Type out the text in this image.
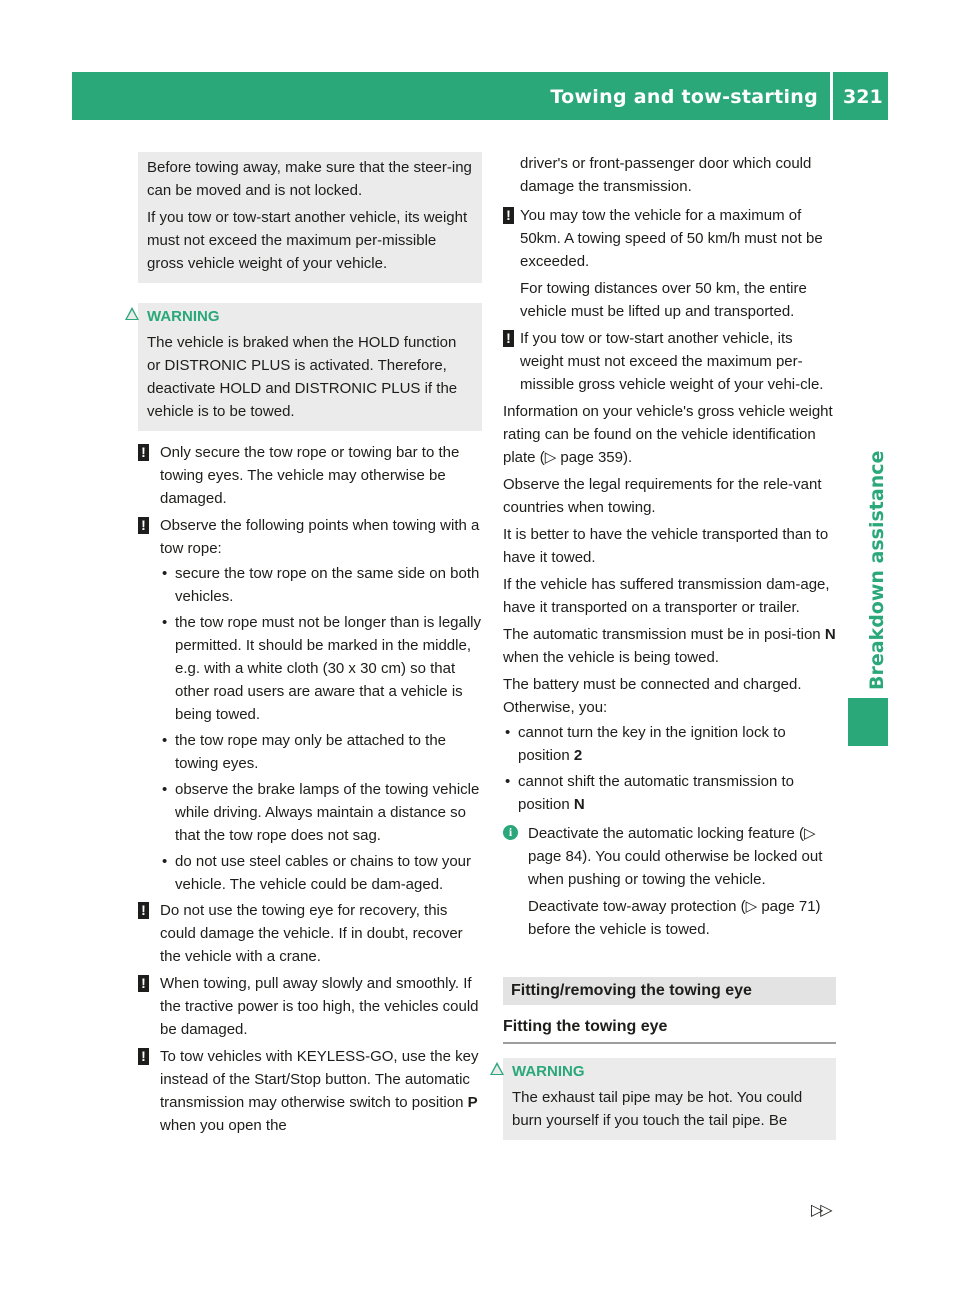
Towing and tow-starting 321
Breakdown assistance

Before towing away, make sure that the steer-ing can be moved and is not locked.

If you tow or tow-start another vehicle, its weight must not exceed the maximum per-missible gross vehicle weight of your vehicle.

WARNING

The vehicle is braked when the HOLD function or DISTRONIC PLUS is activated. Therefore, deactivate HOLD and DISTRONIC PLUS if the vehicle is to be towed.

! Only secure the tow rope or towing bar to the towing eyes. The vehicle may otherwise be damaged.
! Observe the following points when towing with a tow rope:

• secure the tow rope on the same side on both vehicles.

• the tow rope must not be longer than is legally permitted. It should be marked in the middle, e.g. with a white cloth (30 x 30 cm) so that other road users are aware that a vehicle is being towed.

• the tow rope may only be attached to the towing eyes.

• observe the brake lamps of the towing vehicle while driving. Always maintain a distance so that the tow rope does not sag.

• do not use steel cables or chains to tow your vehicle. The vehicle could be dam-aged.

! Do not use the towing eye for recovery, this could damage the vehicle. If in doubt, recover the vehicle with a crane.
! When towing, pull away slowly and smoothly. If the tractive power is too high, the vehicles could be damaged.
! To tow vehicles with KEYLESS-GO, use the key instead of the Start/Stop button. The automatic transmission may otherwise switch to position P when you open the

driver's or front-passenger door which could damage the transmission.

! You may tow the vehicle for a maximum of 50km. A towing speed of 50 km/h must not be exceeded.

For towing distances over 50 km, the entire vehicle must be lifted up and transported.

! If you tow or tow-start another vehicle, its weight must not exceed the maximum per-missible gross vehicle weight of your vehi-cle.

Information on your vehicle's gross vehicle weight rating can be found on the vehicle identification plate (▷ page 359).

Observe the legal requirements for the rele-vant countries when towing.

It is better to have the vehicle transported than to have it towed.

If the vehicle has suffered transmission dam-age, have it transported on a transporter or trailer.

The automatic transmission must be in posi-tion N when the vehicle is being towed.

The battery must be connected and charged. Otherwise, you:

• cannot turn the key in the ignition lock to position 2

• cannot shift the automatic transmission to position N

i	Deactivate the automatic locking feature (▷ page 84). You could otherwise be locked out when pushing or towing the vehicle.

Deactivate tow-away protection (▷ page 71) before the vehicle is towed.

Fitting/removing the towing eye
Fitting the towing eye

WARNING

The exhaust tail pipe may be hot. You could burn yourself if you touch the tail pipe. Be

▷▷
